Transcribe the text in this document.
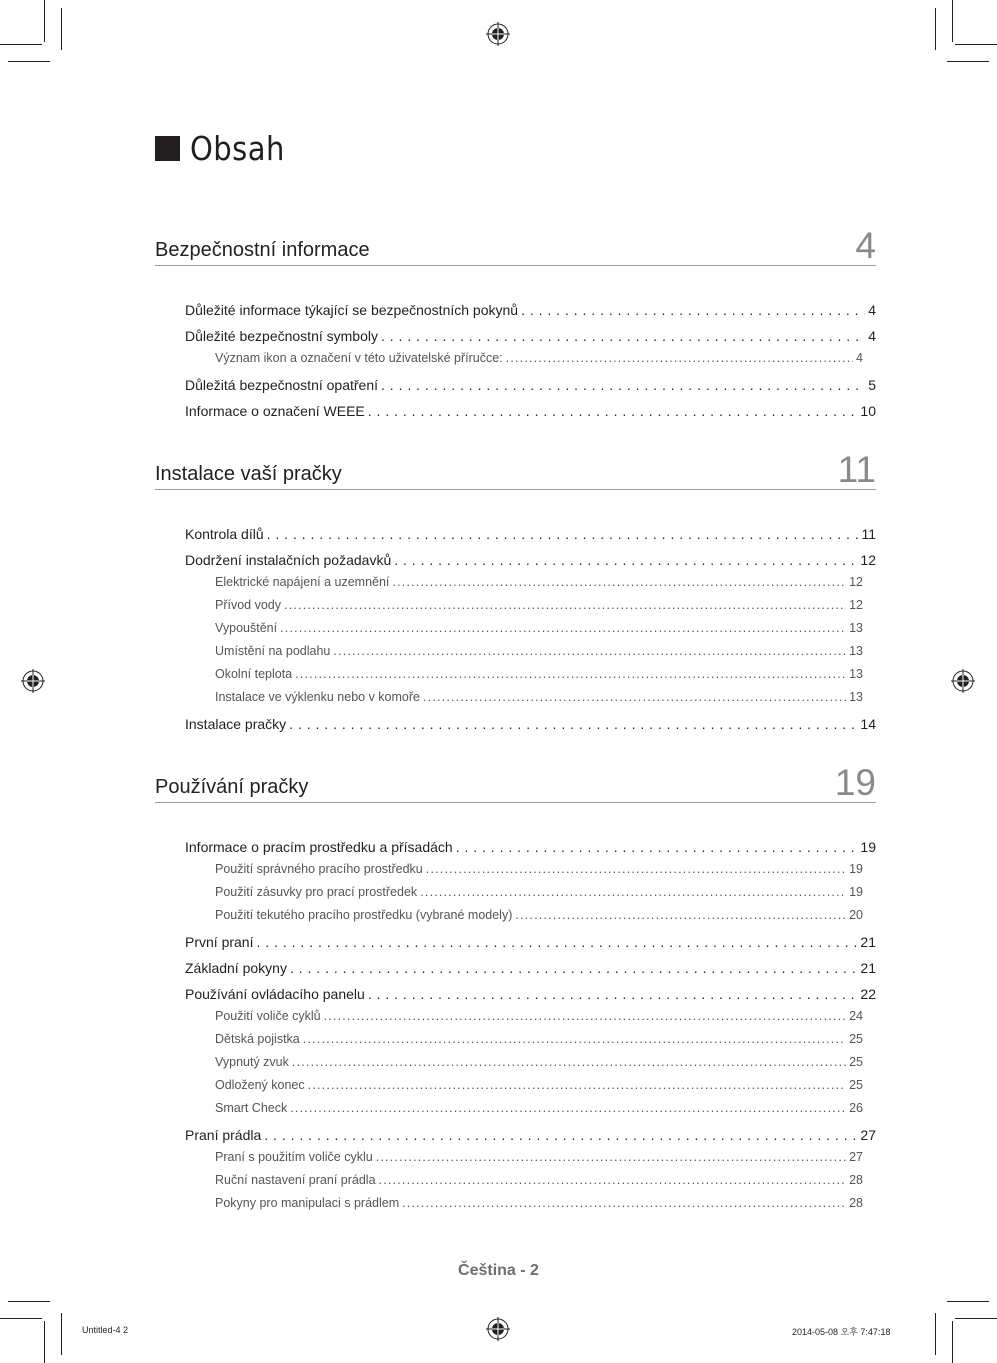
Obsah
Bezpečnostní informace	4
Důležité informace týkající se bezpečnostních pokynů . . .	4
Důležité bezpečnostní symboly . . .	4
Význam ikon a označení v této uživatelské příručce: .....	4
Důležitá bezpečnostní opatření . . .	5
Informace o označení WEEE . . .	10
Instalace vaší pračky	11
Kontrola dílů . . .	11
Dodržení instalačních požadavků . . .	12
Elektrické napájení a uzemnění .....	12
Přívod vody .....	12
Vypouštění .....	13
Umístění na podlahu .....	13
Okolní teplota .....	13
Instalace ve výklenku nebo v komoře .....	13
Instalace pračky . . .	14
Používání pračky	19
Informace o pracím prostředku a přísadách . . .	19
Použití správného pracího prostředku .....	19
Použití zásuvky pro prací prostředek .....	19
Použití tekutého pracího prostředku (vybrané modely) .....	20
První praní . . .	21
Základní pokyny . . .	21
Používání ovládacího panelu . . .	22
Použití voliče cyklů .....	24
Dětská pojistka .....	25
Vypnutý zvuk .....	25
Odložený konec .....	25
Smart Check .....	26
Praní prádla . . .	27
Praní s použitím voliče cyklu .....	27
Ruční nastavení praní prádla .....	28
Pokyny pro manipulaci s prádlem .....	28
Čeština - 2
Untitled-4 2	2014-05-08 오후 7:47:18
